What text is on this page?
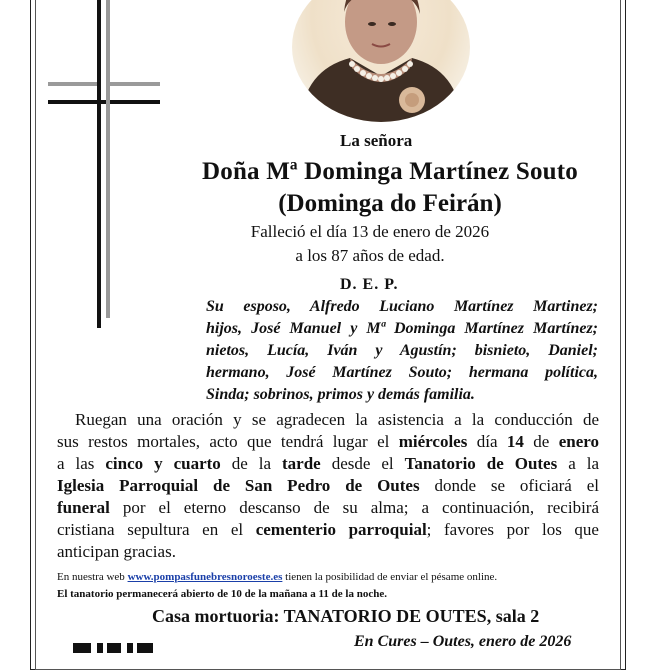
La señora
Doña Mª Dominga Martínez Souto
(Dominga do Feirán)
Falleció el día 13 de enero de 2026
a los 87 años de edad.
D. E. P.
Su esposo, Alfredo Luciano Martínez Martinez;
hijos, José Manuel y Mª Dominga Martínez Martínez;
nietos, Lucía, Iván y Agustín; bisnieto, Daniel;
hermano, José Martínez Souto; hermana política,
Sinda; sobrinos, primos y demás familia.
Ruegan una oración y se agradecen la asistencia a la conducción de
sus restos mortales, acto que tendrá lugar el miércoles día 14 de enero
a las cinco y cuarto de la tarde desde el Tanatorio de Outes a la
Iglesia Parroquial de San Pedro de Outes donde se oficiará el
funeral por el eterno descanso de su alma; a continuación, recibirá
cristiana sepultura en el cementerio parroquial; favores por los que
anticipan gracias.
En nuestra web www.pompasfunebresnoroeste.es tienen la posibilidad de enviar el pésame online.
El tanatorio permanecerá abierto de 10 de la mañana a 11 de la noche.
Casa mortuoria: TANATORIO DE OUTES, sala 2
En Cures – Outes, enero de 2026
